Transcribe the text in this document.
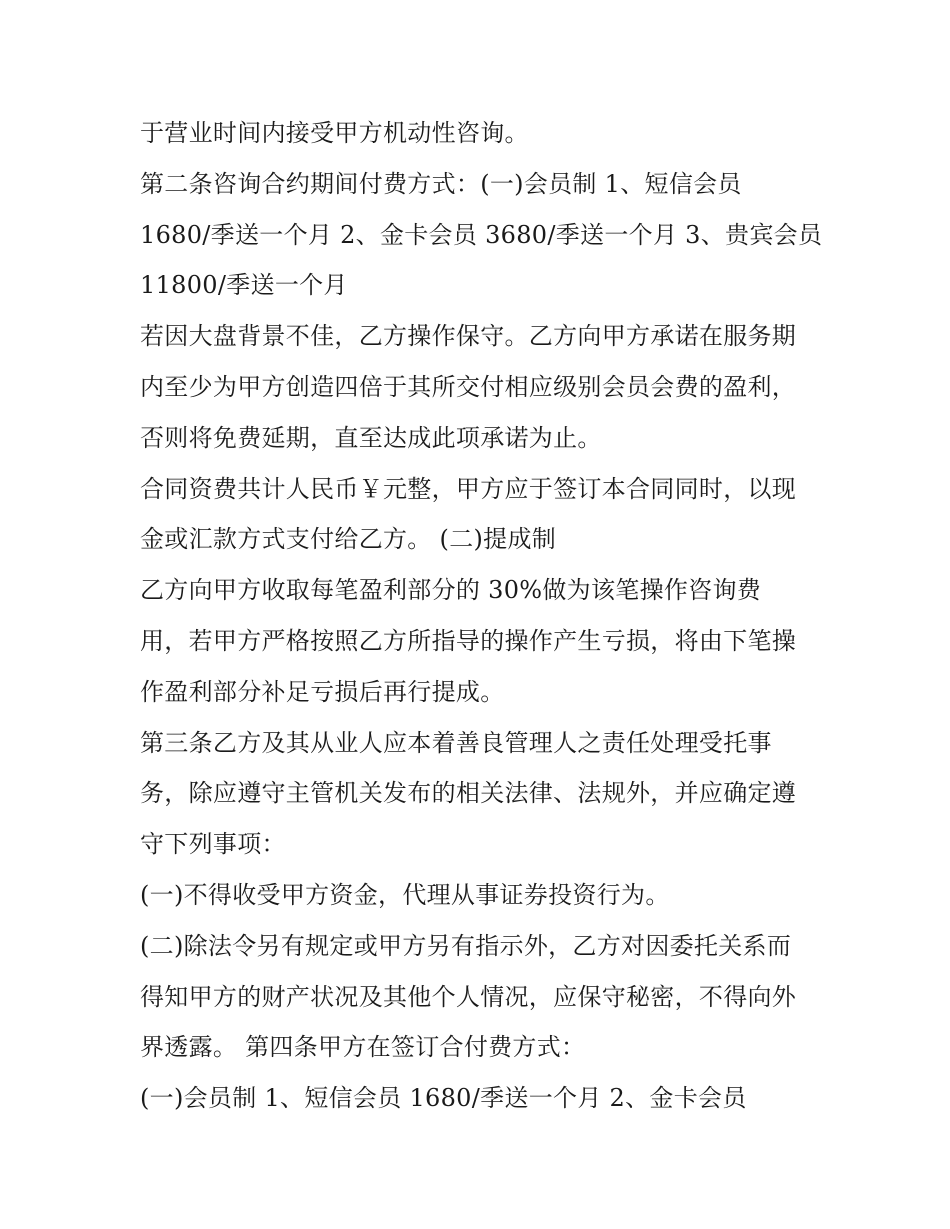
于营业时间内接受甲方机动性咨询。
第二条咨询合约期间付费方式：(一)会员制 1、短信会员
1680/季送一个月 2、金卡会员 3680/季送一个月 3、贵宾会员
11800/季送一个月
若因大盘背景不佳，乙方操作保守。乙方向甲方承诺在服务期
内至少为甲方创造四倍于其所交付相应级别会员会费的盈利，
否则将免费延期，直至达成此项承诺为止。
合同资费共计人民币￥元整，甲方应于签订本合同同时，以现
金或汇款方式支付给乙方。 (二)提成制
乙方向甲方收取每笔盈利部分的 30%做为该笔操作咨询费
用，若甲方严格按照乙方所指导的操作产生亏损，将由下笔操
作盈利部分补足亏损后再行提成。
第三条乙方及其从业人应本着善良管理人之责任处理受托事
务，除应遵守主管机关发布的相关法律、法规外，并应确定遵
守下列事项：
(一)不得收受甲方资金，代理从事证券投资行为。
(二)除法令另有规定或甲方另有指示外，乙方对因委托关系而
得知甲方的财产状况及其他个人情况，应保守秘密，不得向外
界透露。 第四条甲方在签订合付费方式：
(一)会员制 1、短信会员 1680/季送一个月 2、金卡会员
